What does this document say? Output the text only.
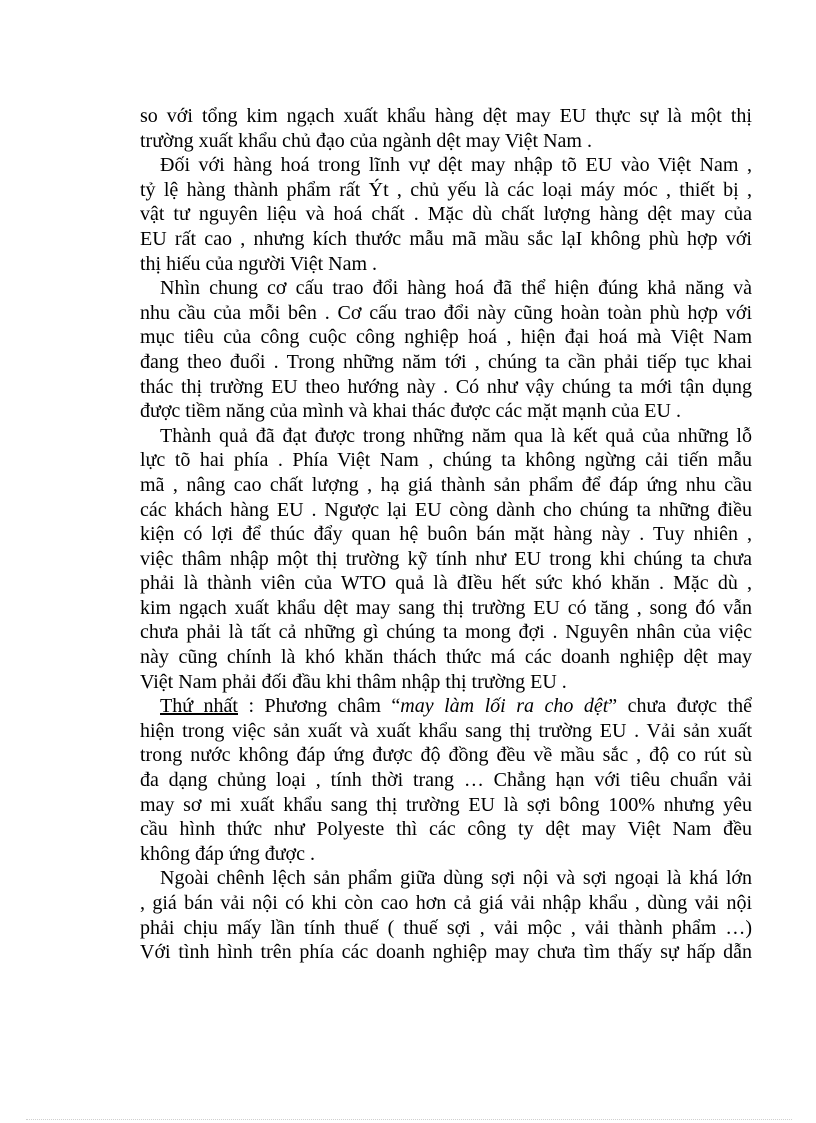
so với tổng kim ngạch xuất khẩu hàng dệt may EU thực sự là một thị
trường xuất khẩu chủ đạo của ngành dệt may Việt Nam .
Đối với hàng hoá trong lĩnh vự dệt may nhập tõ EU vào Việt Nam ,
tỷ lệ hàng thành phẩm rất Ýt , chủ yếu là các loại máy móc , thiết bị ,
vật tư nguyên liệu và hoá chất . Mặc dù chất lượng hàng dệt may của
EU rất cao , nhưng kích thước mẫu mã mầu sắc lạI không phù hợp với
thị hiếu của người Việt Nam .
Nhìn chung cơ cấu trao đổi hàng hoá đã thể hiện đúng khả năng và
nhu cầu của mỗi bên . Cơ cấu trao đổi này cũng hoàn toàn phù hợp với
mục tiêu của công cuộc công nghiệp hoá , hiện đại hoá mà Việt Nam
đang theo đuổi . Trong những năm tới , chúng ta cần phải tiếp tục khai
thác thị trường EU theo hướng này . Có như vậy chúng ta mới tận dụng
được tiềm năng của mình và khai thác được các mặt mạnh của EU .
Thành quả đã đạt được trong những năm qua là kết quả của những lỗ
lực tõ hai phía . Phía Việt Nam , chúng ta không ngừng cải tiến mẫu
mã , nâng cao chất lượng , hạ giá thành sản phẩm để đáp ứng nhu cầu
các khách hàng EU . Ngược lại EU còng dành cho chúng ta những điều
kiện có lợi để thúc đẩy quan hệ buôn bán mặt hàng này . Tuy nhiên ,
việc thâm nhập một thị trường kỹ tính như EU trong khi chúng ta chưa
phải là thành viên của WTO quả là đIều hết sức khó khăn . Mặc dù ,
kim ngạch xuất khẩu dệt may sang thị trường EU có tăng , song đó vẫn
chưa phải là tất cả những gì chúng ta mong đợi . Nguyên nhân của việc
này cũng chính là khó khăn thách thức má các doanh nghiệp dệt may
Việt Nam phải đối đầu khi thâm nhập thị trường EU .
Thứ nhất : Phương châm “may làm lối ra cho dệt” chưa được thể
hiện trong việc sản xuất và xuất khẩu sang thị trường EU . Vải sản xuất
trong nước không đáp ứng được độ đồng đều về mầu sắc , độ co rút sù
đa dạng chủng loại , tính thời trang … Chẳng hạn với tiêu chuẩn vải
may sơ mi xuất khẩu sang thị trường EU là sợi bông 100% nhưng yêu
cầu hình thức như Polyeste thì các công ty dệt may Việt Nam đều
không đáp ứng được .
Ngoài chênh lệch sản phẩm giữa dùng sợi nội và sợi ngoại là khá lớn
, giá bán vải nội có khi còn cao hơn cả giá vải nhập khẩu , dùng vải nội
phải chịu mấy lần tính thuế ( thuế sợi , vải mộc , vải thành phẩm …)
Với tình hình trên phía các doanh nghiệp may chưa tìm thấy sự hấp dẫn
